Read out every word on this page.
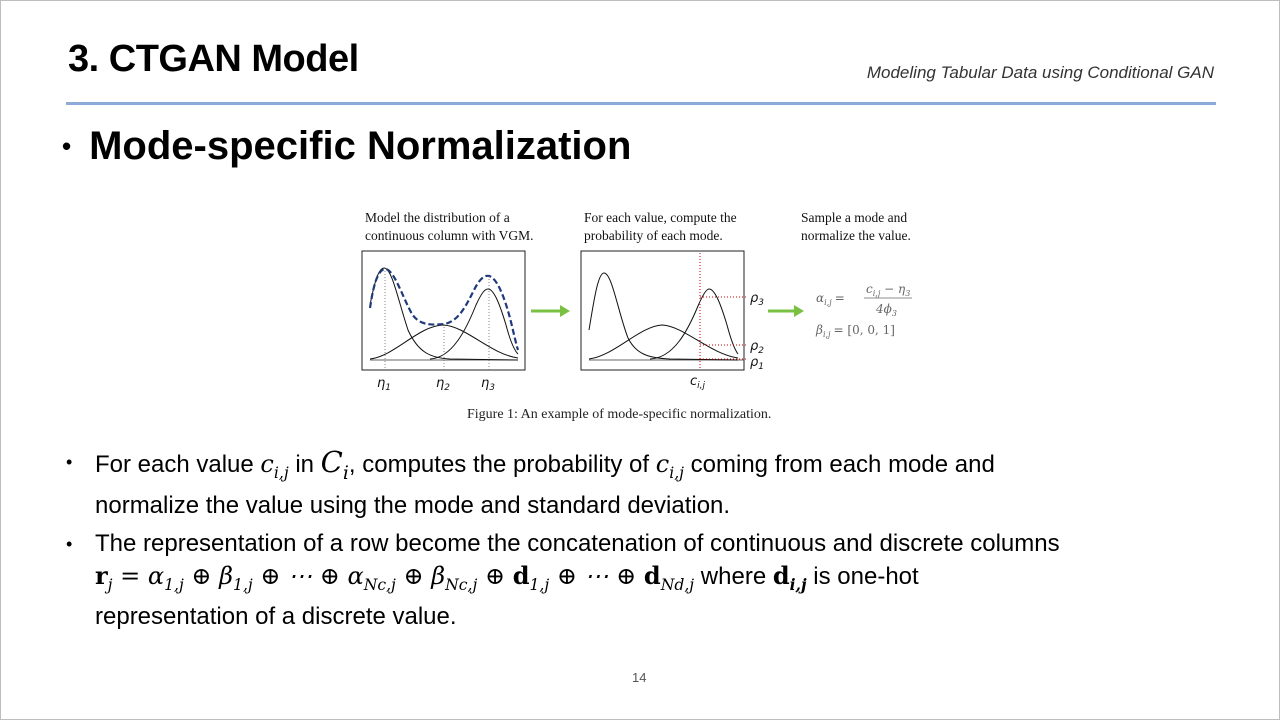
3. CTGAN Model	Modeling Tabular Data using Conditional GAN
• Mode-specific Normalization
Model the distribution of a
continuous column with VGM.
For each value, compute the
probability of each mode.
Sample a mode and
normalize the value.
$\eta_1$	$\eta_2$ $\eta_3$
$\rho_3$
$\rho_2$
$\rho_1$
$c_{i,j}$
$\alpha_{i,j}$ =
$c_{i,j} - \eta_3$
$4\phi_3$
$\beta_{i,j} = [0$, 0, 1]
Figure 1: An example of mode-specific normalization.
• For each value $c_{i,j}$ in $C_i$, computes the probability of $c_{i,j}$ coming from each mode and
normalize the value using the mode and standard deviation.
• The representation of a row become the concatenation of continuous and discrete columns
$r_j = \alpha_{1,j}$ ⊕ $\beta_{1,j}$ ⊕ ⋯ ⊕ $\alpha_{Nc,j}$ ⊕ $\beta_{Nc,j}$ ⊕ $d_{1,j}$ ⊕ ⋯ ⊕ $d_{Nd,j}$ where $d_{i,j}$ is one-hot
representation of a discrete value.
14
